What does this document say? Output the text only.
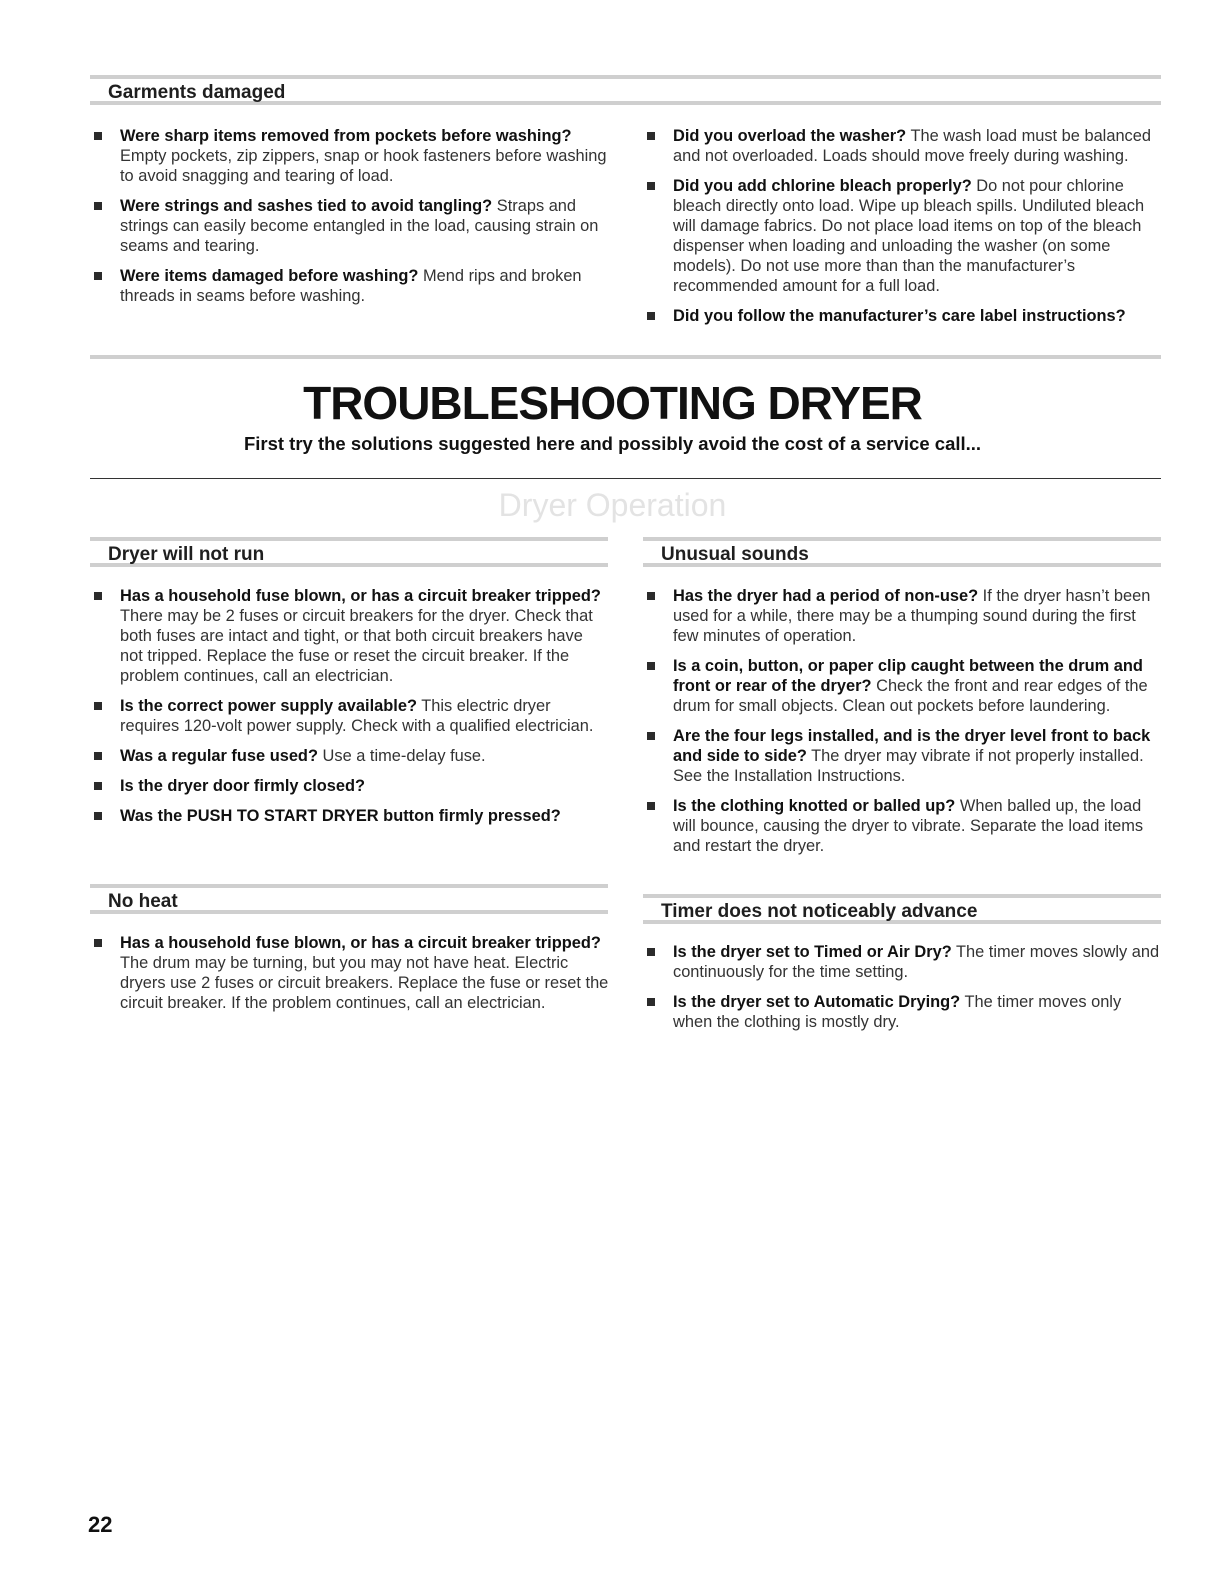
Garments damaged
Were sharp items removed from pockets before washing? Empty pockets, zip zippers, snap or hook fasteners before washing to avoid snagging and tearing of load.
Were strings and sashes tied to avoid tangling? Straps and strings can easily become entangled in the load, causing strain on seams and tearing.
Were items damaged before washing? Mend rips and broken threads in seams before washing.
Did you overload the washer? The wash load must be balanced and not overloaded. Loads should move freely during washing.
Did you add chlorine bleach properly? Do not pour chlorine bleach directly onto load. Wipe up bleach spills. Undiluted bleach will damage fabrics. Do not place load items on top of the bleach dispenser when loading and unloading the washer (on some models). Do not use more than than the manufacturer’s recommended amount for a full load.
Did you follow the manufacturer’s care label instructions?
TROUBLESHOOTING DRYER
First try the solutions suggested here and possibly avoid the cost of a service call...
Dryer Operation
Dryer will not run
Has a household fuse blown, or has a circuit breaker tripped? There may be 2 fuses or circuit breakers for the dryer. Check that both fuses are intact and tight, or that both circuit breakers have not tripped. Replace the fuse or reset the circuit breaker. If the problem continues, call an electrician.
Is the correct power supply available? This electric dryer requires 120-volt power supply. Check with a qualified electrician.
Was a regular fuse used? Use a time-delay fuse.
Is the dryer door firmly closed?
Was the PUSH TO START DRYER button firmly pressed?
No heat
Has a household fuse blown, or has a circuit breaker tripped? The drum may be turning, but you may not have heat. Electric dryers use 2 fuses or circuit breakers. Replace the fuse or reset the circuit breaker. If the problem continues, call an electrician.
Unusual sounds
Has the dryer had a period of non-use? If the dryer hasn’t been used for a while, there may be a thumping sound during the first few minutes of operation.
Is a coin, button, or paper clip caught between the drum and front or rear of the dryer? Check the front and rear edges of the drum for small objects. Clean out pockets before laundering.
Are the four legs installed, and is the dryer level front to back and side to side? The dryer may vibrate if not properly installed. See the Installation Instructions.
Is the clothing knotted or balled up? When balled up, the load will bounce, causing the dryer to vibrate. Separate the load items and restart the dryer.
Timer does not noticeably advance
Is the dryer set to Timed or Air Dry? The timer moves slowly and continuously for the time setting.
Is the dryer set to Automatic Drying? The timer moves only when the clothing is mostly dry.
22
